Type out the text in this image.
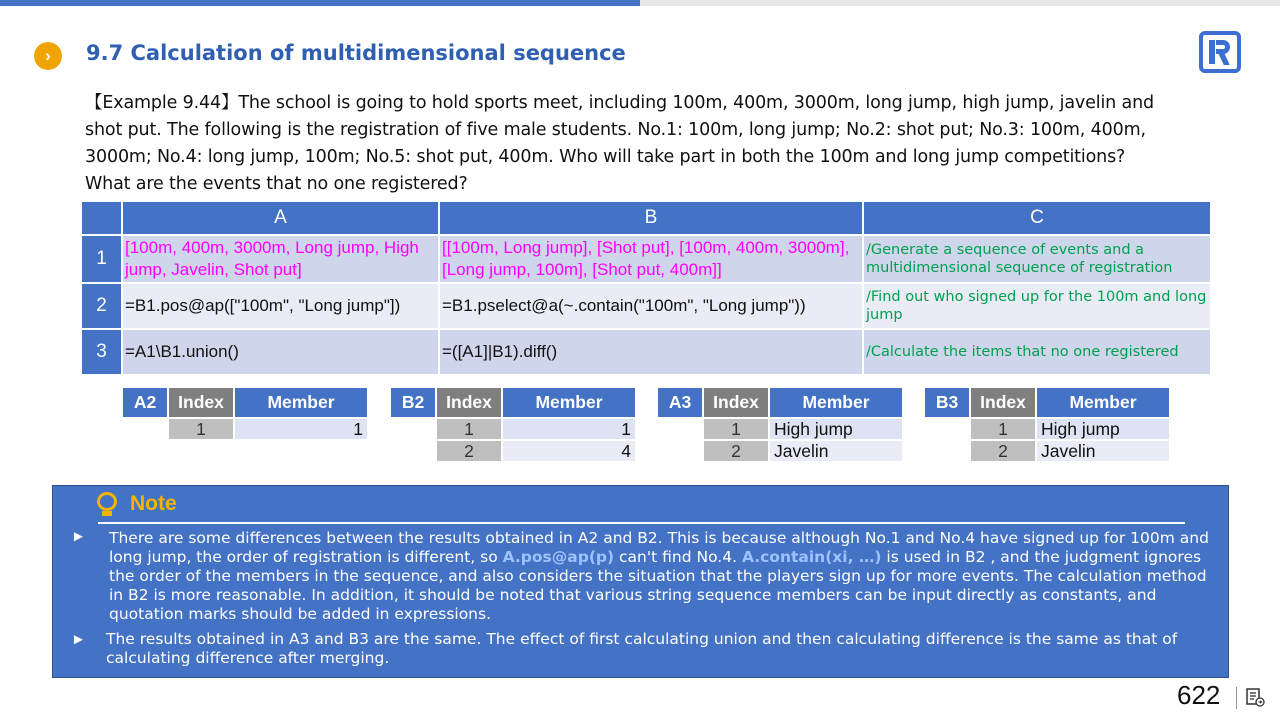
›	9.7 Calculation of multidimensional sequence
【Example 9.44】The school is going to hold sports meet, including 100m, 400m, 3000m, long jump, high jump, javelin and shot put. The following is the registration of five male students. No.1: 100m, long jump; No.2: shot put; No.3: 100m, 400m, 3000m; No.4: long jump, 100m; No.5: shot put, 400m. Who will take part in both the 100m and long jump competitions? What are the events that no one registered?
	A	B	C
1	[100m, 400m, 3000m, Long jump, High jump, Javelin, Shot put]	[[100m, Long jump], [Shot put], [100m, 400m, 3000m], [Long jump, 100m], [Shot put, 400m]]	/Generate a sequence of events and a multidimensional sequence of registration
2	=B1.pos@ap(["100m", "Long jump"])	=B1.pselect@a(~.contain("100m", "Long jump"))	/Find out who signed up for the 100m and long jump
3	=A1\B1.union()	=([A1]|B1).diff()	/Calculate the items that no one registered
A2	Index	Member
	1	1
B2	Index	Member
	1	1
	2	4
A3	Index	Member
	1	High jump
	2	Javelin
B3	Index	Member
	1	High jump
	2	Javelin
Note
► There are some differences between the results obtained in A2 and B2. This is because although No.1 and No.4 have signed up for 100m and long jump, the order of registration is different, so A.pos@ap(p) can't find No.4. A.contain(xi, …) is used in B2 , and the judgment ignores the order of the members in the sequence, and also considers the situation that the players sign up for more events. The calculation method in B2 is more reasonable. In addition, it should be noted that various string sequence members can be input directly as constants, and quotation marks should be added in expressions.
► The results obtained in A3 and B3 are the same. The effect of first calculating union and then calculating difference is the same as that of calculating difference after merging.
622
